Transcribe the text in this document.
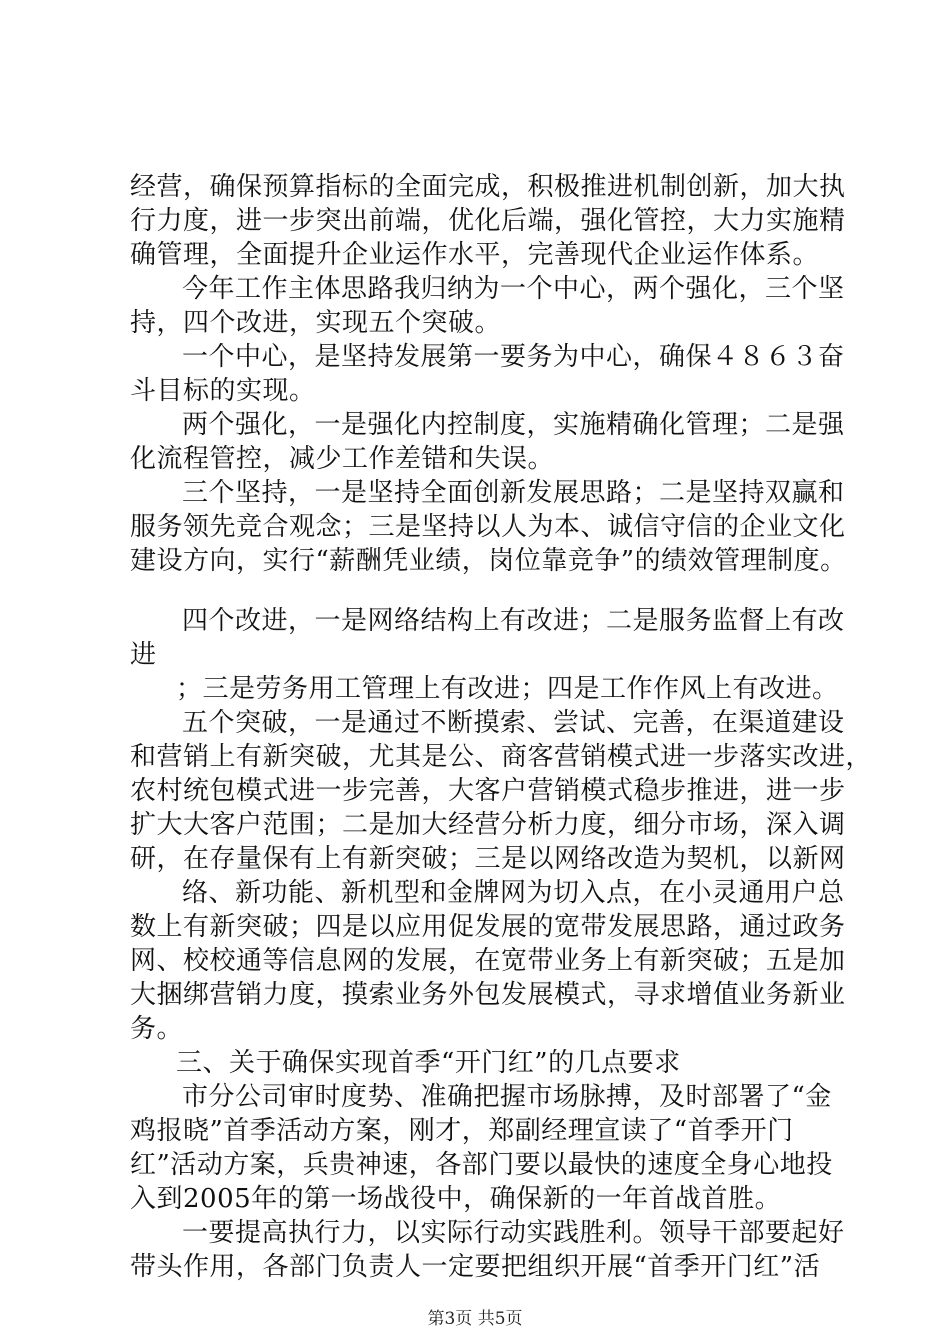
经营，确保预算指标的全面完成，积极推进机制创新，加大执
行力度，进一步突出前端，优化后端，强化管控，大力实施精
确管理，全面提升企业运作水平，完善现代企业运作体系。
今年工作主体思路我归纳为一个中心，两个强化，三个坚
持，四个改进，实现五个突破。
一个中心，是坚持发展第一要务为中心，确保４８６３奋
斗目标的实现。
两个强化，一是强化内控制度，实施精确化管理；二是强
化流程管控，减少工作差错和失误。
三个坚持，一是坚持全面创新发展思路；二是坚持双赢和
服务领先竞合观念；三是坚持以人为本、诚信守信的企业文化
建设方向，实行“薪酬凭业绩，岗位靠竞争”的绩效管理制度。
四个改进，一是网络结构上有改进；二是服务监督上有改
进
；三是劳务用工管理上有改进；四是工作作风上有改进。
五个突破，一是通过不断摸索、尝试、完善，在渠道建设
和营销上有新突破，尤其是公、商客营销模式进一步落实改进，
农村统包模式进一步完善，大客户营销模式稳步推进，进一步
扩大大客户范围；二是加大经营分析力度，细分市场，深入调
研，在存量保有上有新突破；三是以网络改造为契机，以新网
络、新功能、新机型和金牌网为切入点，在小灵通用户总
数上有新突破；四是以应用促发展的宽带发展思路，通过政务
网、校校通等信息网的发展，在宽带业务上有新突破；五是加
大捆绑营销力度，摸索业务外包发展模式，寻求增值业务新业
务。
三、关于确保实现首季“开门红”的几点要求
市分公司审时度势、准确把握市场脉搏，及时部署了“金
鸡报晓”首季活动方案，刚才，郑副经理宣读了“首季开门
红”活动方案，兵贵神速，各部门要以最快的速度全身心地投
入到2005年的第一场战役中，确保新的一年首战首胜。
一要提高执行力，以实际行动实践胜利。领导干部要起好
带头作用，各部门负责人一定要把组织开展“首季开门红”活
第3页 共5页
